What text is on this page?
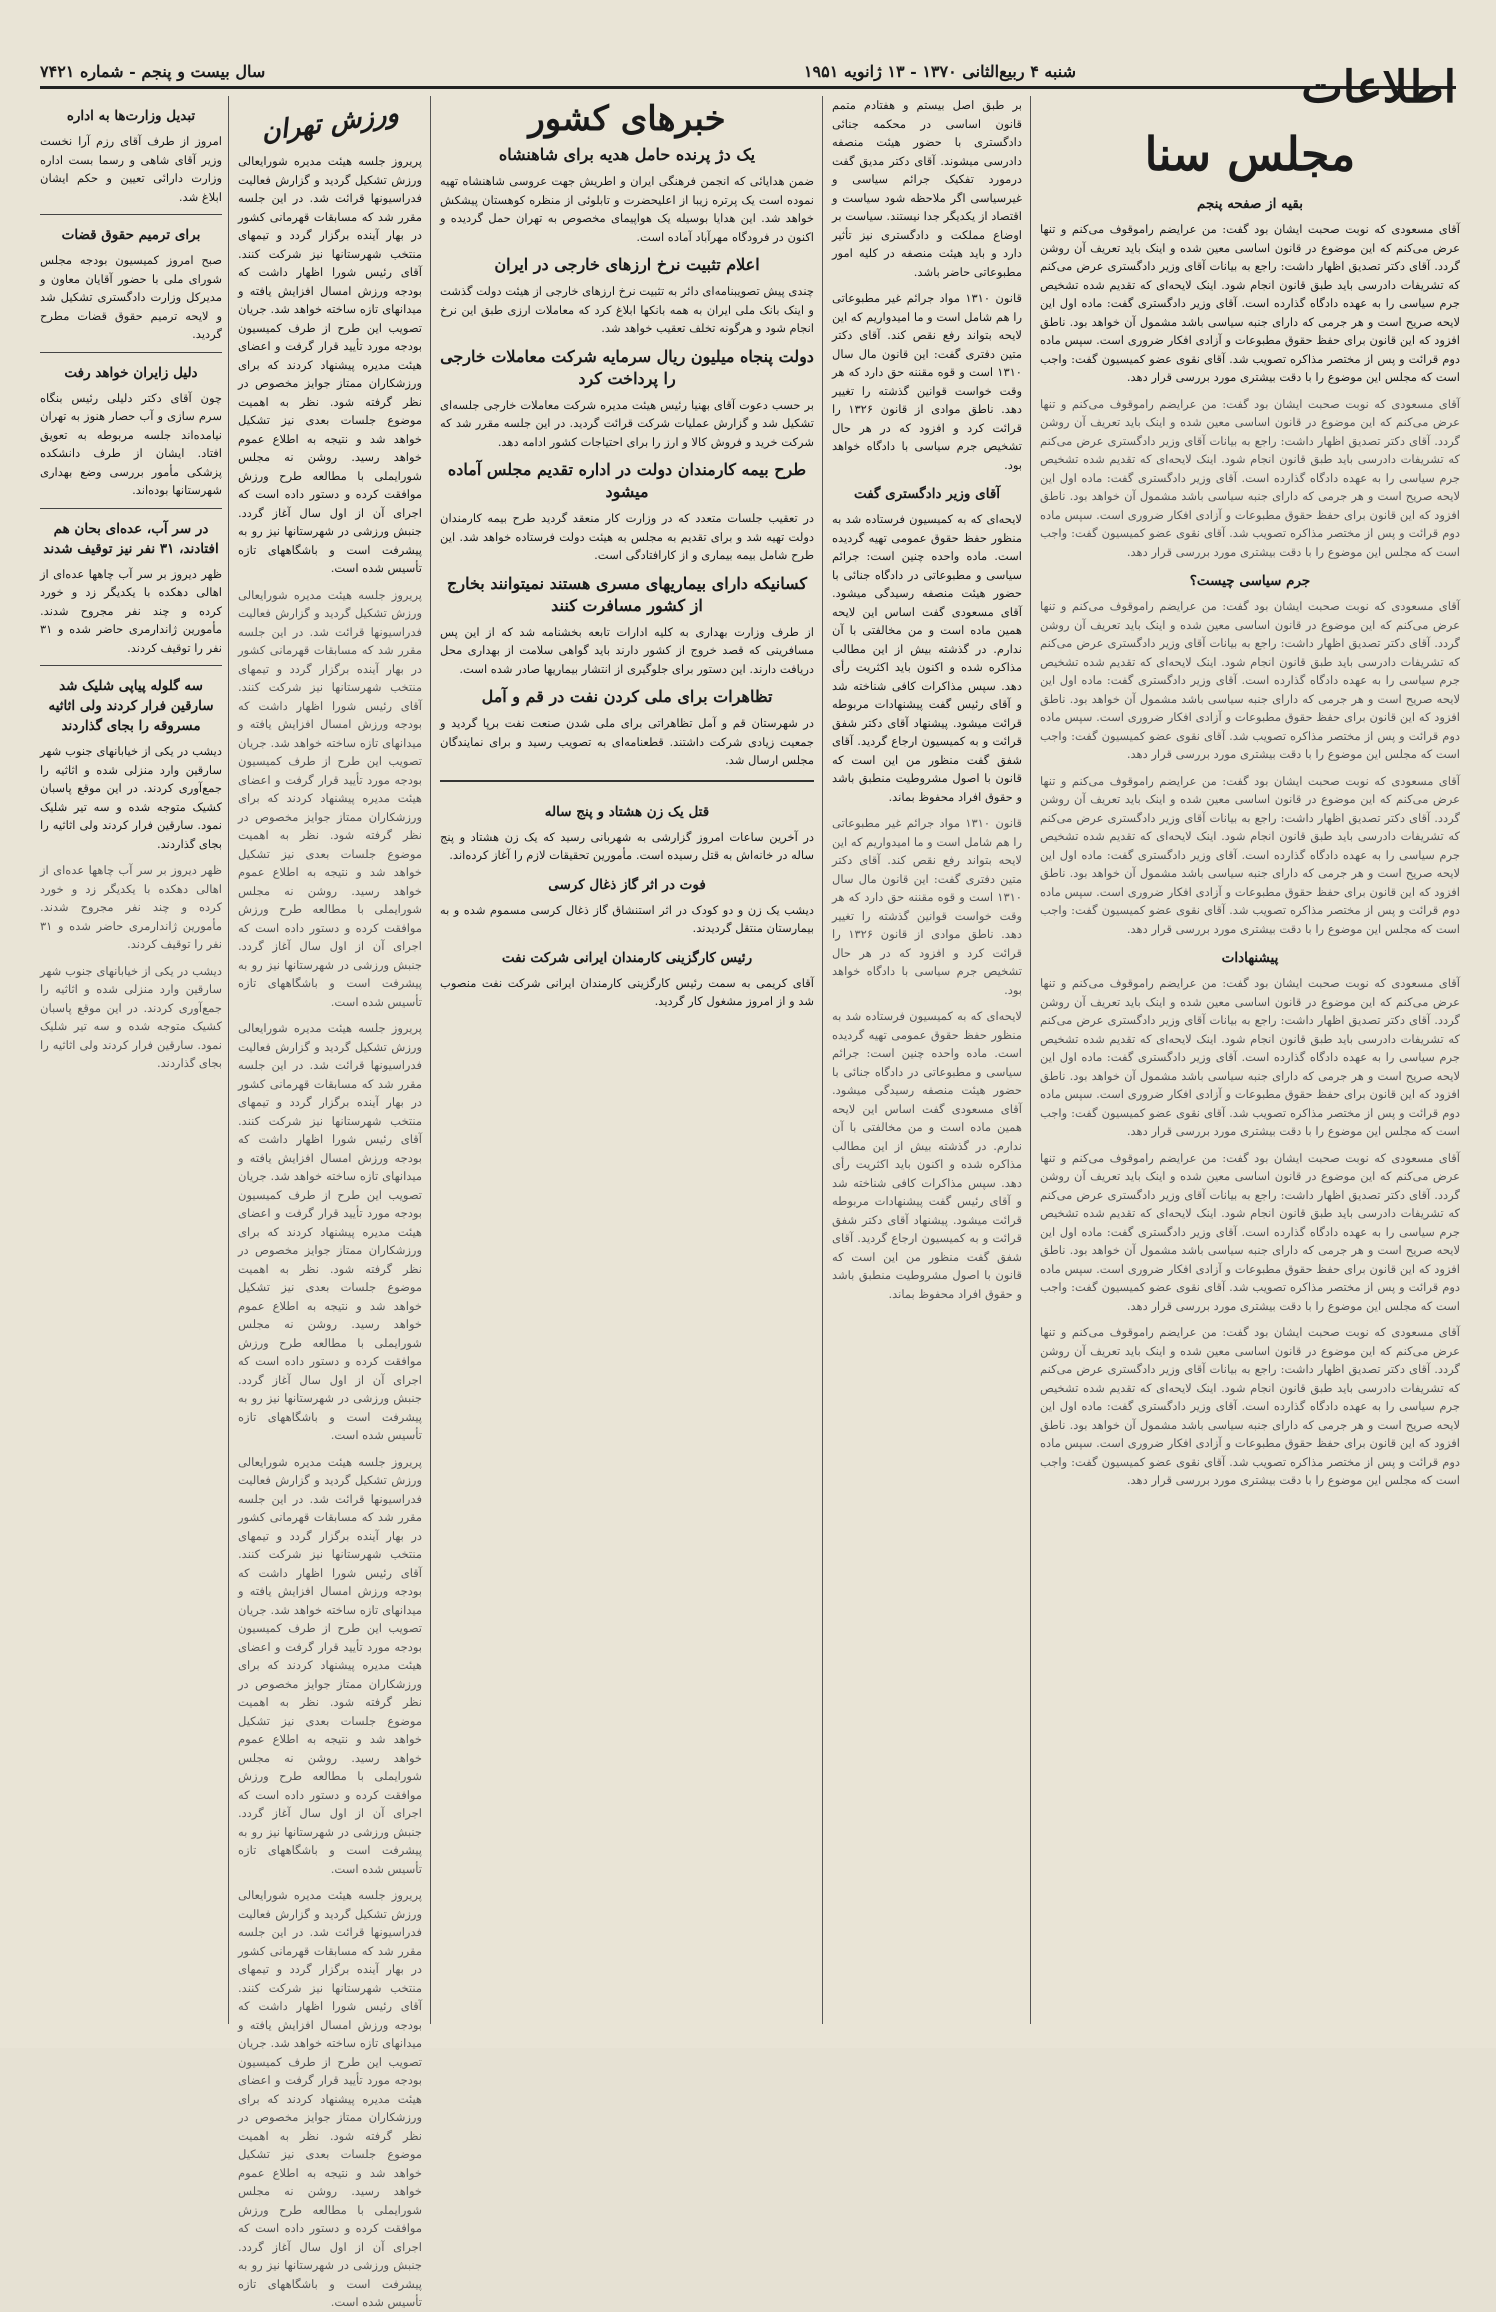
شنبه ۴ ربیع‌الثانی ۱۳۷۰ - ۱۳ ژانویه ۱۹۵۱
سال بیست و پنجم - شماره ۷۴۲۱	اطلاعات
مجلس سنا
بقیه از صفحه پنجم

آقای مسعودی که نوبت صحبت ایشان بود گفت: من عرایضم راموقوف می‌کنم و تنها عرض می‌کنم که این موضوع در قانون اساسی معین شده و اینک باید تعریف آن روشن گردد. آقای دکتر تصدیق اظهار داشت: راجع به بیانات آقای وزیر دادگستری عرض می‌کنم که تشریفات دادرسی باید طبق قانون انجام شود. اینک لایحه‌ای که تقدیم شده تشخیص جرم سیاسی را به عهده دادگاه گذارده است. آقای وزیر دادگستری گفت: ماده اول این لایحه صریح است و هر جرمی که دارای جنبه سیاسی باشد مشمول آن خواهد بود. ناطق افزود که این قانون برای حفظ حقوق مطبوعات و آزادی افکار ضروری است. سپس ماده دوم قرائت و پس از مختصر مذاکره تصویب شد. آقای نقوی عضو کمیسیون گفت: واجب است که مجلس این موضوع را با دقت بیشتری مورد بررسی قرار دهد.

آقای مسعودی که نوبت صحبت ایشان بود گفت: من عرایضم راموقوف می‌کنم و تنها عرض می‌کنم که این موضوع در قانون اساسی معین شده و اینک باید تعریف آن روشن گردد. آقای دکتر تصدیق اظهار داشت: راجع به بیانات آقای وزیر دادگستری عرض می‌کنم که تشریفات دادرسی باید طبق قانون انجام شود. اینک لایحه‌ای که تقدیم شده تشخیص جرم سیاسی را به عهده دادگاه گذارده است. آقای وزیر دادگستری گفت: ماده اول این لایحه صریح است و هر جرمی که دارای جنبه سیاسی باشد مشمول آن خواهد بود. ناطق افزود که این قانون برای حفظ حقوق مطبوعات و آزادی افکار ضروری است. سپس ماده دوم قرائت و پس از مختصر مذاکره تصویب شد. آقای نقوی عضو کمیسیون گفت: واجب است که مجلس این موضوع را با دقت بیشتری مورد بررسی قرار دهد.

جرم سیاسی چیست؟

آقای مسعودی که نوبت صحبت ایشان بود گفت: من عرایضم راموقوف می‌کنم و تنها عرض می‌کنم که این موضوع در قانون اساسی معین شده و اینک باید تعریف آن روشن گردد. آقای دکتر تصدیق اظهار داشت: راجع به بیانات آقای وزیر دادگستری عرض می‌کنم که تشریفات دادرسی باید طبق قانون انجام شود. اینک لایحه‌ای که تقدیم شده تشخیص جرم سیاسی را به عهده دادگاه گذارده است. آقای وزیر دادگستری گفت: ماده اول این لایحه صریح است و هر جرمی که دارای جنبه سیاسی باشد مشمول آن خواهد بود. ناطق افزود که این قانون برای حفظ حقوق مطبوعات و آزادی افکار ضروری است. سپس ماده دوم قرائت و پس از مختصر مذاکره تصویب شد. آقای نقوی عضو کمیسیون گفت: واجب است که مجلس این موضوع را با دقت بیشتری مورد بررسی قرار دهد.

آقای مسعودی که نوبت صحبت ایشان بود گفت: من عرایضم راموقوف می‌کنم و تنها عرض می‌کنم که این موضوع در قانون اساسی معین شده و اینک باید تعریف آن روشن گردد. آقای دکتر تصدیق اظهار داشت: راجع به بیانات آقای وزیر دادگستری عرض می‌کنم که تشریفات دادرسی باید طبق قانون انجام شود. اینک لایحه‌ای که تقدیم شده تشخیص جرم سیاسی را به عهده دادگاه گذارده است. آقای وزیر دادگستری گفت: ماده اول این لایحه صریح است و هر جرمی که دارای جنبه سیاسی باشد مشمول آن خواهد بود. ناطق افزود که این قانون برای حفظ حقوق مطبوعات و آزادی افکار ضروری است. سپس ماده دوم قرائت و پس از مختصر مذاکره تصویب شد. آقای نقوی عضو کمیسیون گفت: واجب است که مجلس این موضوع را با دقت بیشتری مورد بررسی قرار دهد.

پیشنهادات

آقای مسعودی که نوبت صحبت ایشان بود گفت: من عرایضم راموقوف می‌کنم و تنها عرض می‌کنم که این موضوع در قانون اساسی معین شده و اینک باید تعریف آن روشن گردد. آقای دکتر تصدیق اظهار داشت: راجع به بیانات آقای وزیر دادگستری عرض می‌کنم که تشریفات دادرسی باید طبق قانون انجام شود. اینک لایحه‌ای که تقدیم شده تشخیص جرم سیاسی را به عهده دادگاه گذارده است. آقای وزیر دادگستری گفت: ماده اول این لایحه صریح است و هر جرمی که دارای جنبه سیاسی باشد مشمول آن خواهد بود. ناطق افزود که این قانون برای حفظ حقوق مطبوعات و آزادی افکار ضروری است. سپس ماده دوم قرائت و پس از مختصر مذاکره تصویب شد. آقای نقوی عضو کمیسیون گفت: واجب است که مجلس این موضوع را با دقت بیشتری مورد بررسی قرار دهد.

آقای مسعودی که نوبت صحبت ایشان بود گفت: من عرایضم راموقوف می‌کنم و تنها عرض می‌کنم که این موضوع در قانون اساسی معین شده و اینک باید تعریف آن روشن گردد. آقای دکتر تصدیق اظهار داشت: راجع به بیانات آقای وزیر دادگستری عرض می‌کنم که تشریفات دادرسی باید طبق قانون انجام شود. اینک لایحه‌ای که تقدیم شده تشخیص جرم سیاسی را به عهده دادگاه گذارده است. آقای وزیر دادگستری گفت: ماده اول این لایحه صریح است و هر جرمی که دارای جنبه سیاسی باشد مشمول آن خواهد بود. ناطق افزود که این قانون برای حفظ حقوق مطبوعات و آزادی افکار ضروری است. سپس ماده دوم قرائت و پس از مختصر مذاکره تصویب شد. آقای نقوی عضو کمیسیون گفت: واجب است که مجلس این موضوع را با دقت بیشتری مورد بررسی قرار دهد.

آقای مسعودی که نوبت صحبت ایشان بود گفت: من عرایضم راموقوف می‌کنم و تنها عرض می‌کنم که این موضوع در قانون اساسی معین شده و اینک باید تعریف آن روشن گردد. آقای دکتر تصدیق اظهار داشت: راجع به بیانات آقای وزیر دادگستری عرض می‌کنم که تشریفات دادرسی باید طبق قانون انجام شود. اینک لایحه‌ای که تقدیم شده تشخیص جرم سیاسی را به عهده دادگاه گذارده است. آقای وزیر دادگستری گفت: ماده اول این لایحه صریح است و هر جرمی که دارای جنبه سیاسی باشد مشمول آن خواهد بود. ناطق افزود که این قانون برای حفظ حقوق مطبوعات و آزادی افکار ضروری است. سپس ماده دوم قرائت و پس از مختصر مذاکره تصویب شد. آقای نقوی عضو کمیسیون گفت: واجب است که مجلس این موضوع را با دقت بیشتری مورد بررسی قرار دهد.

بر طبق اصل بیستم و هفتادم متمم قانون اساسی در محکمه جنائی دادگستری با حضور هیئت منصفه دادرسی میشوند. آقای دکتر مدیق گفت درمورد تفکیک جرائم سیاسی و غیرسیاسی اگر ملاحظه شود سیاست و اقتصاد از یکدیگر جدا نیستند. سیاست بر اوضاع مملکت و دادگستری نیز تأثیر دارد و باید هیئت منصفه در کلیه امور مطبوعاتی حاضر باشد.

قانون ۱۳۱۰ مواد جرائم غیر مطبوعاتی را هم شامل است و ما امیدواریم که این لایحه بتواند رفع نقص کند. آقای دکتر متین دفتری گفت: این قانون مال سال ۱۳۱۰ است و قوه مقننه حق دارد که هر وقت خواست قوانین گذشته را تغییر دهد. ناطق موادی از قانون ۱۳۲۶ را قرائت کرد و افزود که در هر حال تشخیص جرم سیاسی با دادگاه خواهد بود.

آقای وزیر دادگستری گفت

لایحه‌ای که به کمیسیون فرستاده شد به منظور حفظ حقوق عمومی تهیه گردیده است. ماده واحده چنین است: جرائم سیاسی و مطبوعاتی در دادگاه جنائی با حضور هیئت منصفه رسیدگی میشود. آقای مسعودی گفت اساس این لایحه همین ماده است و من مخالفتی با آن ندارم. در گذشته بیش از این مطالب مذاکره شده و اکنون باید اکثریت رأی دهد. سپس مذاکرات کافی شناخته شد و آقای رئیس گفت پیشنهادات مربوطه قرائت میشود. پیشنهاد آقای دکتر شفق قرائت و به کمیسیون ارجاع گردید. آقای شفق گفت منظور من این است که قانون با اصول مشروطیت منطبق باشد و حقوق افراد محفوظ بماند.

قانون ۱۳۱۰ مواد جرائم غیر مطبوعاتی را هم شامل است و ما امیدواریم که این لایحه بتواند رفع نقص کند. آقای دکتر متین دفتری گفت: این قانون مال سال ۱۳۱۰ است و قوه مقننه حق دارد که هر وقت خواست قوانین گذشته را تغییر دهد. ناطق موادی از قانون ۱۳۲۶ را قرائت کرد و افزود که در هر حال تشخیص جرم سیاسی با دادگاه خواهد بود.

لایحه‌ای که به کمیسیون فرستاده شد به منظور حفظ حقوق عمومی تهیه گردیده است. ماده واحده چنین است: جرائم سیاسی و مطبوعاتی در دادگاه جنائی با حضور هیئت منصفه رسیدگی میشود. آقای مسعودی گفت اساس این لایحه همین ماده است و من مخالفتی با آن ندارم. در گذشته بیش از این مطالب مذاکره شده و اکنون باید اکثریت رأی دهد. سپس مذاکرات کافی شناخته شد و آقای رئیس گفت پیشنهادات مربوطه قرائت میشود. پیشنهاد آقای دکتر شفق قرائت و به کمیسیون ارجاع گردید. آقای شفق گفت منظور من این است که قانون با اصول مشروطیت منطبق باشد و حقوق افراد محفوظ بماند.

خبرهای کشور
یک دژ پرنده حامل هدیه برای شاهنشاه

ضمن هدایائی که انجمن فرهنگی ایران و اطریش جهت عروسی شاهنشاه تهیه نموده است یک پرتره زیبا از اعلیحضرت و تابلوئی از منظره کوهستان پیشکش خواهد شد. این هدایا بوسیله یک هواپیمای مخصوص به تهران حمل گردیده و اکنون در فرودگاه مهرآباد آماده است.

اعلام تثبیت نرخ ارزهای خارجی در ایران

چندی پیش تصویبنامه‌ای دائر به تثبیت نرخ ارزهای خارجی از هیئت دولت گذشت و اینک بانک ملی ایران به همه بانکها ابلاغ کرد که معاملات ارزی طبق این نرخ انجام شود و هرگونه تخلف تعقیب خواهد شد.

دولت پنجاه میلیون ریال سرمایه شرکت معاملات خارجی را پرداخت کرد

بر حسب دعوت آقای بهنیا رئیس هیئت مدیره شرکت معاملات خارجی جلسه‌ای تشکیل شد و گزارش عملیات شرکت قرائت گردید. در این جلسه مقرر شد که شرکت خرید و فروش کالا و ارز را برای احتیاجات کشور ادامه دهد.

طرح بیمه کارمندان دولت در اداره تقدیم مجلس آماده میشود

در تعقیب جلسات متعدد که در وزارت کار منعقد گردید طرح بیمه کارمندان دولت تهیه شد و برای تقدیم به مجلس به هیئت دولت فرستاده خواهد شد. این طرح شامل بیمه بیماری و از کارافتادگی است.

کسانیکه دارای بیماریهای مسری هستند نمیتوانند بخارج از کشور مسافرت کنند

از طرف وزارت بهداری به کلیه ادارات تابعه بخشنامه شد که از این پس مسافرینی که قصد خروج از کشور دارند باید گواهی سلامت از بهداری محل دریافت دارند. این دستور برای جلوگیری از انتشار بیماریها صادر شده است.

تظاهرات برای ملی کردن نفت در قم و آمل

در شهرستان قم و آمل تظاهراتی برای ملی شدن صنعت نفت برپا گردید و جمعیت زیادی شرکت داشتند. قطعنامه‌ای به تصویب رسید و برای نمایندگان مجلس ارسال شد.

قتل یک زن هشتاد و پنج ساله

در آخرین ساعات امروز گزارشی به شهربانی رسید که یک زن هشتاد و پنج ساله در خانه‌اش به قتل رسیده است. مأمورین تحقیقات لازم را آغاز کرده‌اند.

فوت در اثر گاز ذغال کرسی

دیشب یک زن و دو کودک در اثر استنشاق گاز ذغال کرسی مسموم شده و به بیمارستان منتقل گردیدند.

رئیس کارگزینی کارمندان ایرانی شرکت نفت

آقای کریمی به سمت رئیس کارگزینی کارمندان ایرانی شرکت نفت منصوب شد و از امروز مشغول کار گردید.

ورزش تهران

پریروز جلسه هیئت مدیره شورایعالی ورزش تشکیل گردید و گزارش فعالیت فدراسیونها قرائت شد. در این جلسه مقرر شد که مسابقات قهرمانی کشور در بهار آینده برگزار گردد و تیمهای منتخب شهرستانها نیز شرکت کنند. آقای رئیس شورا اظهار داشت که بودجه ورزش امسال افزایش یافته و میدانهای تازه ساخته خواهد شد. جریان تصویب این طرح از طرف کمیسیون بودجه مورد تأیید قرار گرفت و اعضای هیئت مدیره پیشنهاد کردند که برای ورزشکاران ممتاز جوایز مخصوص در نظر گرفته شود. نظر به اهمیت موضوع جلسات بعدی نیز تشکیل خواهد شد و نتیجه به اطلاع عموم خواهد رسید. روشن نه مجلس شورایملی با مطالعه طرح ورزش موافقت کرده و دستور داده است که اجرای آن از اول سال آغاز گردد. جنبش ورزشی در شهرستانها نیز رو به پیشرفت است و باشگاههای تازه تأسیس شده است.

پریروز جلسه هیئت مدیره شورایعالی ورزش تشکیل گردید و گزارش فعالیت فدراسیونها قرائت شد. در این جلسه مقرر شد که مسابقات قهرمانی کشور در بهار آینده برگزار گردد و تیمهای منتخب شهرستانها نیز شرکت کنند. آقای رئیس شورا اظهار داشت که بودجه ورزش امسال افزایش یافته و میدانهای تازه ساخته خواهد شد. جریان تصویب این طرح از طرف کمیسیون بودجه مورد تأیید قرار گرفت و اعضای هیئت مدیره پیشنهاد کردند که برای ورزشکاران ممتاز جوایز مخصوص در نظر گرفته شود. نظر به اهمیت موضوع جلسات بعدی نیز تشکیل خواهد شد و نتیجه به اطلاع عموم خواهد رسید. روشن نه مجلس شورایملی با مطالعه طرح ورزش موافقت کرده و دستور داده است که اجرای آن از اول سال آغاز گردد. جنبش ورزشی در شهرستانها نیز رو به پیشرفت است و باشگاههای تازه تأسیس شده است.

پریروز جلسه هیئت مدیره شورایعالی ورزش تشکیل گردید و گزارش فعالیت فدراسیونها قرائت شد. در این جلسه مقرر شد که مسابقات قهرمانی کشور در بهار آینده برگزار گردد و تیمهای منتخب شهرستانها نیز شرکت کنند. آقای رئیس شورا اظهار داشت که بودجه ورزش امسال افزایش یافته و میدانهای تازه ساخته خواهد شد. جریان تصویب این طرح از طرف کمیسیون بودجه مورد تأیید قرار گرفت و اعضای هیئت مدیره پیشنهاد کردند که برای ورزشکاران ممتاز جوایز مخصوص در نظر گرفته شود. نظر به اهمیت موضوع جلسات بعدی نیز تشکیل خواهد شد و نتیجه به اطلاع عموم خواهد رسید. روشن نه مجلس شورایملی با مطالعه طرح ورزش موافقت کرده و دستور داده است که اجرای آن از اول سال آغاز گردد. جنبش ورزشی در شهرستانها نیز رو به پیشرفت است و باشگاههای تازه تأسیس شده است.

پریروز جلسه هیئت مدیره شورایعالی ورزش تشکیل گردید و گزارش فعالیت فدراسیونها قرائت شد. در این جلسه مقرر شد که مسابقات قهرمانی کشور در بهار آینده برگزار گردد و تیمهای منتخب شهرستانها نیز شرکت کنند. آقای رئیس شورا اظهار داشت که بودجه ورزش امسال افزایش یافته و میدانهای تازه ساخته خواهد شد. جریان تصویب این طرح از طرف کمیسیون بودجه مورد تأیید قرار گرفت و اعضای هیئت مدیره پیشنهاد کردند که برای ورزشکاران ممتاز جوایز مخصوص در نظر گرفته شود. نظر به اهمیت موضوع جلسات بعدی نیز تشکیل خواهد شد و نتیجه به اطلاع عموم خواهد رسید. روشن نه مجلس شورایملی با مطالعه طرح ورزش موافقت کرده و دستور داده است که اجرای آن از اول سال آغاز گردد. جنبش ورزشی در شهرستانها نیز رو به پیشرفت است و باشگاههای تازه تأسیس شده است.

پریروز جلسه هیئت مدیره شورایعالی ورزش تشکیل گردید و گزارش فعالیت فدراسیونها قرائت شد. در این جلسه مقرر شد که مسابقات قهرمانی کشور در بهار آینده برگزار گردد و تیمهای منتخب شهرستانها نیز شرکت کنند. آقای رئیس شورا اظهار داشت که بودجه ورزش امسال افزایش یافته و میدانهای تازه ساخته خواهد شد. جریان تصویب این طرح از طرف کمیسیون بودجه مورد تأیید قرار گرفت و اعضای هیئت مدیره پیشنهاد کردند که برای ورزشکاران ممتاز جوایز مخصوص در نظر گرفته شود. نظر به اهمیت موضوع جلسات بعدی نیز تشکیل خواهد شد و نتیجه به اطلاع عموم خواهد رسید. روشن نه مجلس شورایملی با مطالعه طرح ورزش موافقت کرده و دستور داده است که اجرای آن از اول سال آغاز گردد. جنبش ورزشی در شهرستانها نیز رو به پیشرفت است و باشگاههای تازه تأسیس شده است.

تبدیل وزارت‌ها به اداره

امروز از طرف آقای رزم آرا نخست وزیر آقای شاهی و رسما بست اداره وزارت دارائی تعیین و حکم ایشان ابلاغ شد.

برای ترمیم حقوق قضات

صبح امروز کمیسیون بودجه مجلس شورای ملی با حضور آقایان معاون و مدیرکل وزارت دادگستری تشکیل شد و لایحه ترمیم حقوق قضات مطرح گردید.

دلیل زایران خواهد رفت

چون آقای دکتر دلیلی رئیس بنگاه سرم سازی و آب حصار هنوز به تهران نیامده‌اند جلسه مربوطه به تعویق افتاد. ایشان از طرف دانشکده پزشکی مأمور بررسی وضع بهداری شهرستانها بوده‌اند.

در سر آب، عده‌ای بحان هم افتادند، ۳۱ نفر نیز توقیف شدند

ظهر دیروز بر سر آب چاهها عده‌ای از اهالی دهکده با یکدیگر زد و خورد کرده و چند نفر مجروح شدند. مأمورین ژاندارمری حاضر شده و ۳۱ نفر را توقیف کردند.

سه گلوله پیاپی شلیک شد سارقین فرار کردند ولی اثاثیه مسروقه را بجای گذاردند

دیشب در یکی از خیابانهای جنوب شهر سارقین وارد منزلی شده و اثاثیه را جمع‌آوری کردند. در این موقع پاسبان کشیک متوجه شده و سه تیر شلیک نمود. سارقین فرار کردند ولی اثاثیه را بجای گذاردند.

ظهر دیروز بر سر آب چاهها عده‌ای از اهالی دهکده با یکدیگر زد و خورد کرده و چند نفر مجروح شدند. مأمورین ژاندارمری حاضر شده و ۳۱ نفر را توقیف کردند.

دیشب در یکی از خیابانهای جنوب شهر سارقین وارد منزلی شده و اثاثیه را جمع‌آوری کردند. در این موقع پاسبان کشیک متوجه شده و سه تیر شلیک نمود. سارقین فرار کردند ولی اثاثیه را بجای گذاردند.
